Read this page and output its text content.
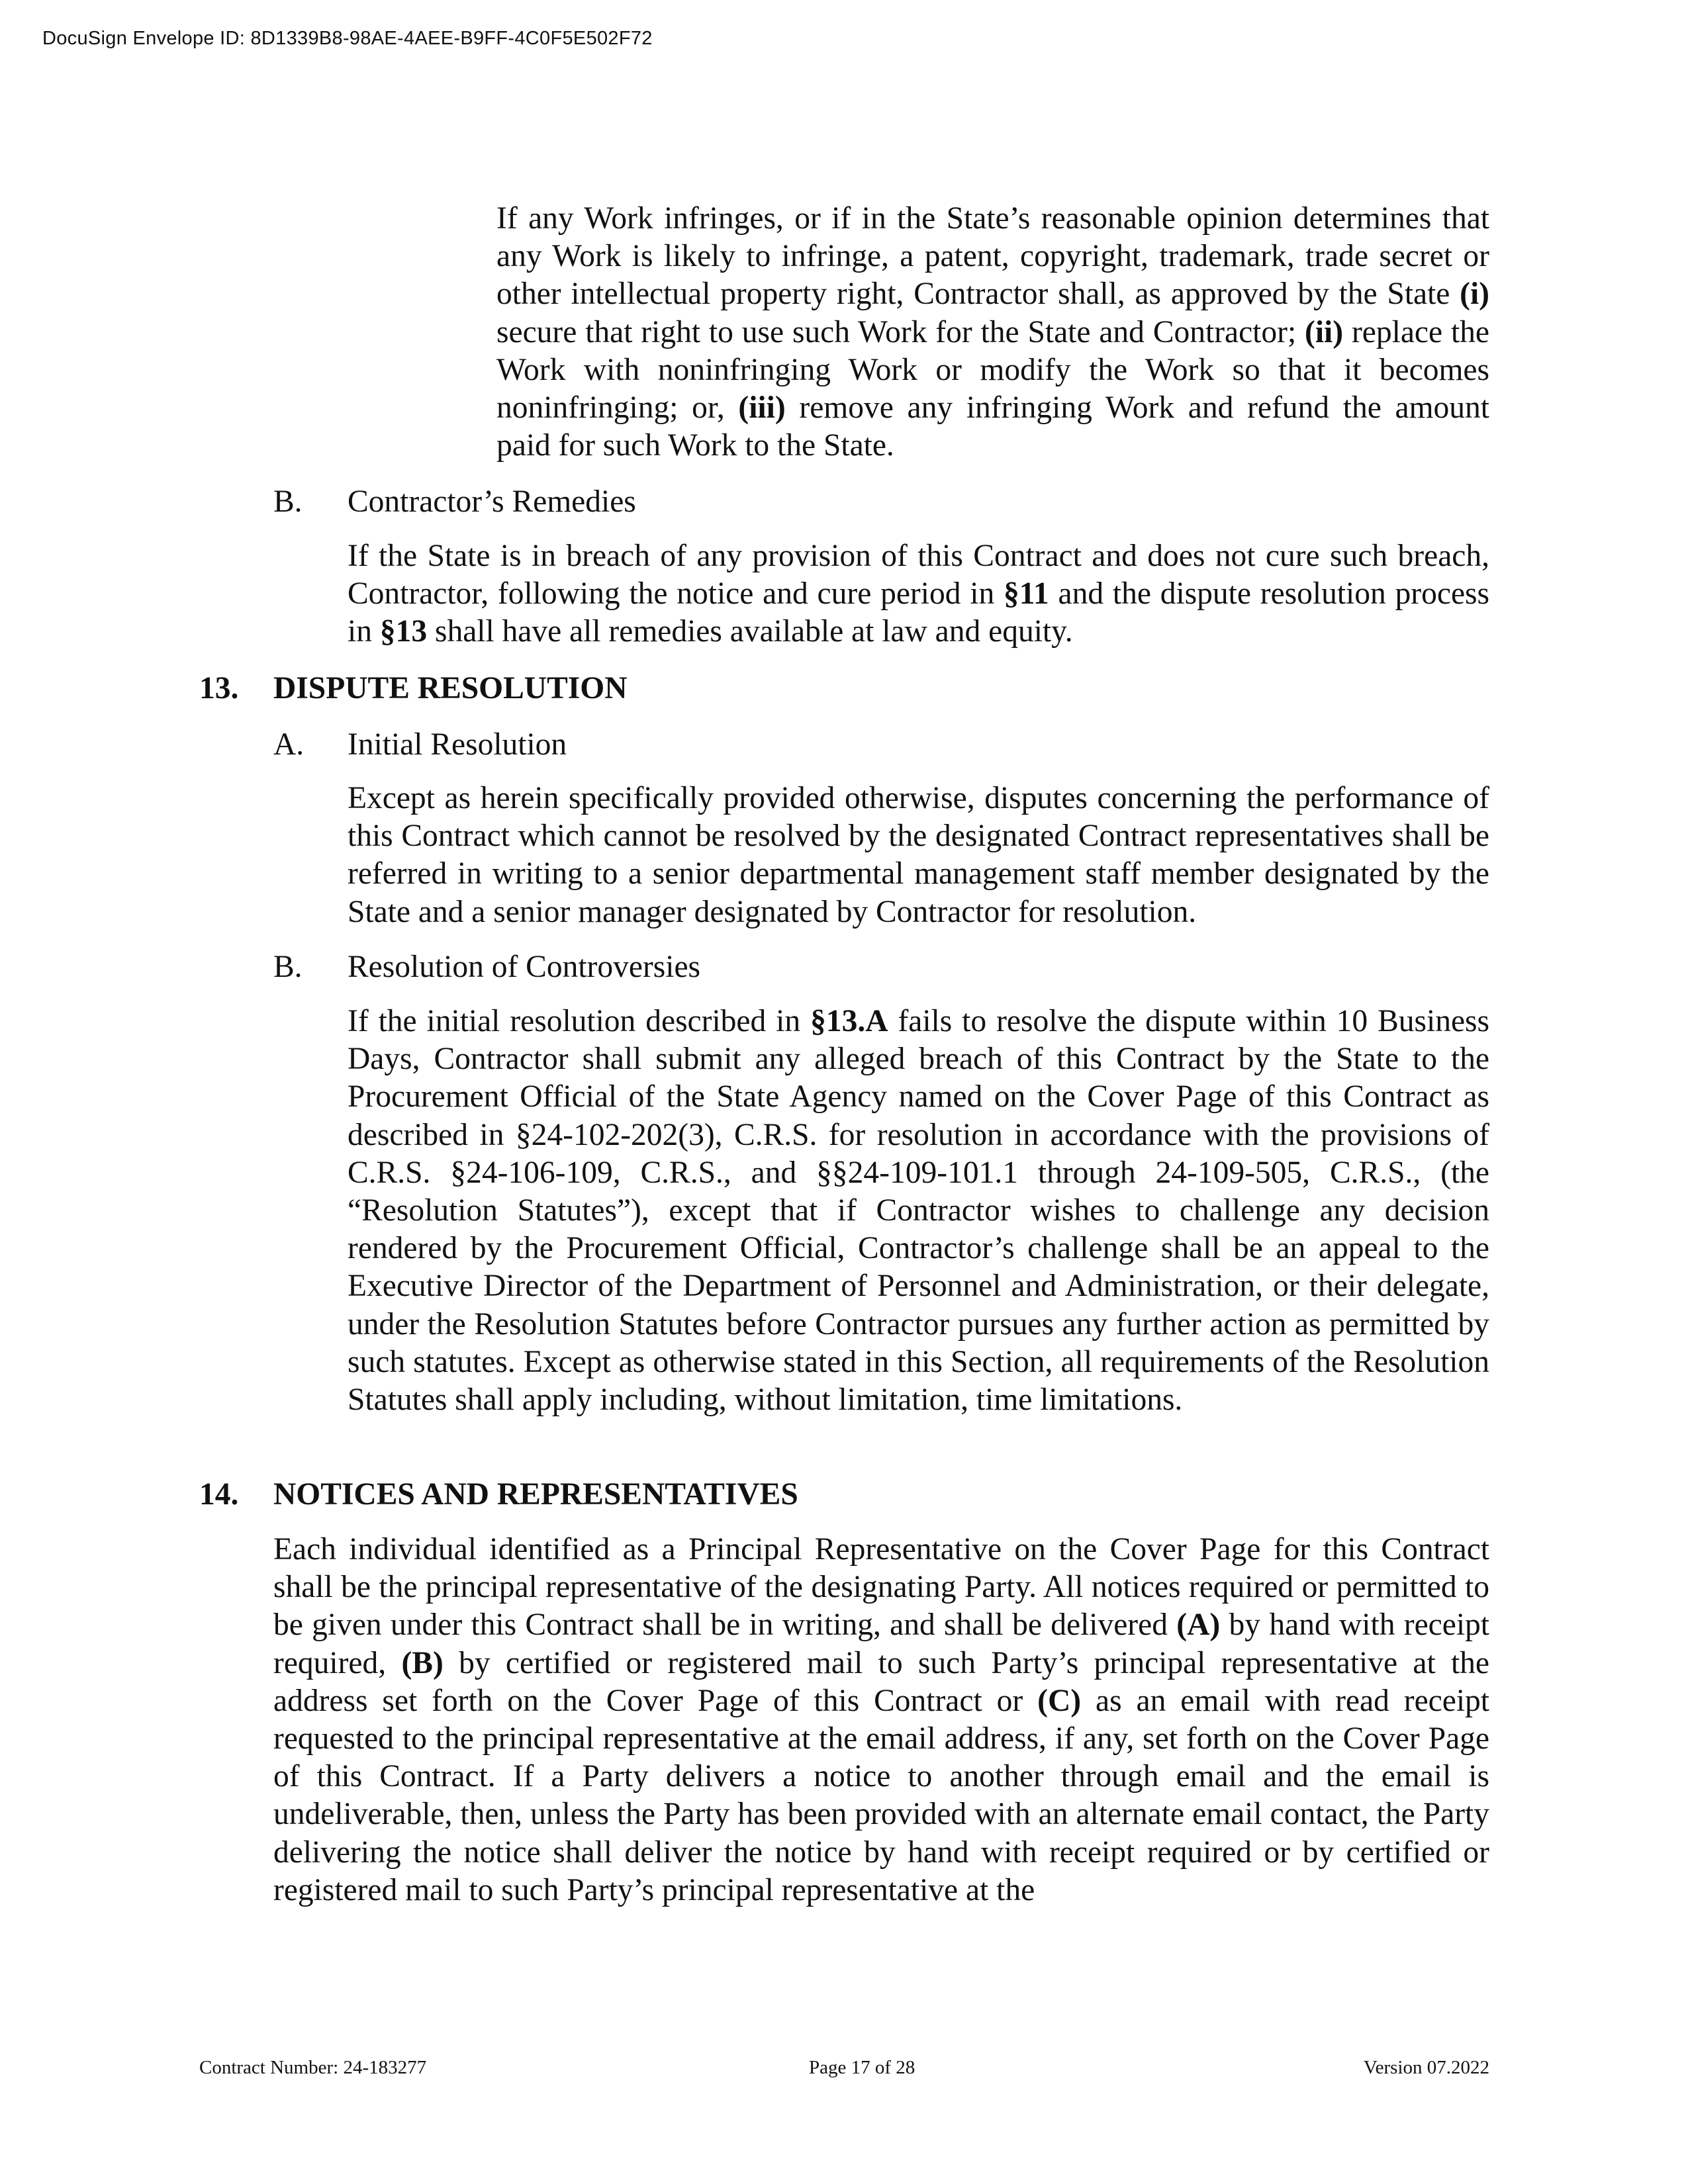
DocuSign Envelope ID: 8D1339B8-98AE-4AEE-B9FF-4C0F5E502F72

If any Work infringes, or if in the State’s reasonable opinion determines that any Work is likely to infringe, a patent, copyright, trademark, trade secret or other intellectual property right, Contractor shall, as approved by the State (i) secure that right to use such Work for the State and Contractor; (ii) replace the Work with noninfringing Work or modify the Work so that it becomes noninfringing; or, (iii) remove any infringing Work and refund the amount paid for such Work to the State.

B. Contractor’s Remedies

If the State is in breach of any provision of this Contract and does not cure such breach, Contractor, following the notice and cure period in §11 and the dispute resolution process in §13 shall have all remedies available at law and equity.

13. DISPUTE RESOLUTION
A. Initial Resolution

Except as herein specifically provided otherwise, disputes concerning the performance of this Contract which cannot be resolved by the designated Contract representatives shall be referred in writing to a senior departmental management staff member designated by the State and a senior manager designated by Contractor for resolution.

B. Resolution of Controversies

If the initial resolution described in §13.A fails to resolve the dispute within 10 Business Days, Contractor shall submit any alleged breach of this Contract by the State to the Procurement Official of the State Agency named on the Cover Page of this Contract as described in §24-102-202(3), C.R.S. for resolution in accordance with the provisions of C.R.S. §24-106-109, C.R.S., and §§24-109-101.1 through 24-109-505, C.R.S., (the “Resolution Statutes”), except that if Contractor wishes to challenge any decision rendered by the Procurement Official, Contractor’s challenge shall be an appeal to the Executive Director of the Department of Personnel and Administration, or their delegate, under the Resolution Statutes before Contractor pursues any further action as permitted by such statutes. Except as otherwise stated in this Section, all requirements of the Resolution Statutes shall apply including, without limitation, time limitations.

14. NOTICES AND REPRESENTATIVES

Each individual identified as a Principal Representative on the Cover Page for this Contract shall be the principal representative of the designating Party. All notices required or permitted to be given under this Contract shall be in writing, and shall be delivered (A) by hand with receipt required, (B) by certified or registered mail to such Party’s principal representative at the address set forth on the Cover Page of this Contract or (C) as an email with read receipt requested to the principal representative at the email address, if any, set forth on the Cover Page of this Contract. If a Party delivers a notice to another through email and the email is undeliverable, then, unless the Party has been provided with an alternate email contact, the Party delivering the notice shall deliver the notice by hand with receipt required or by certified or registered mail to such Party’s principal representative at the

Contract Number: 24-183277	Page 17 of 28	Version 07.2022
